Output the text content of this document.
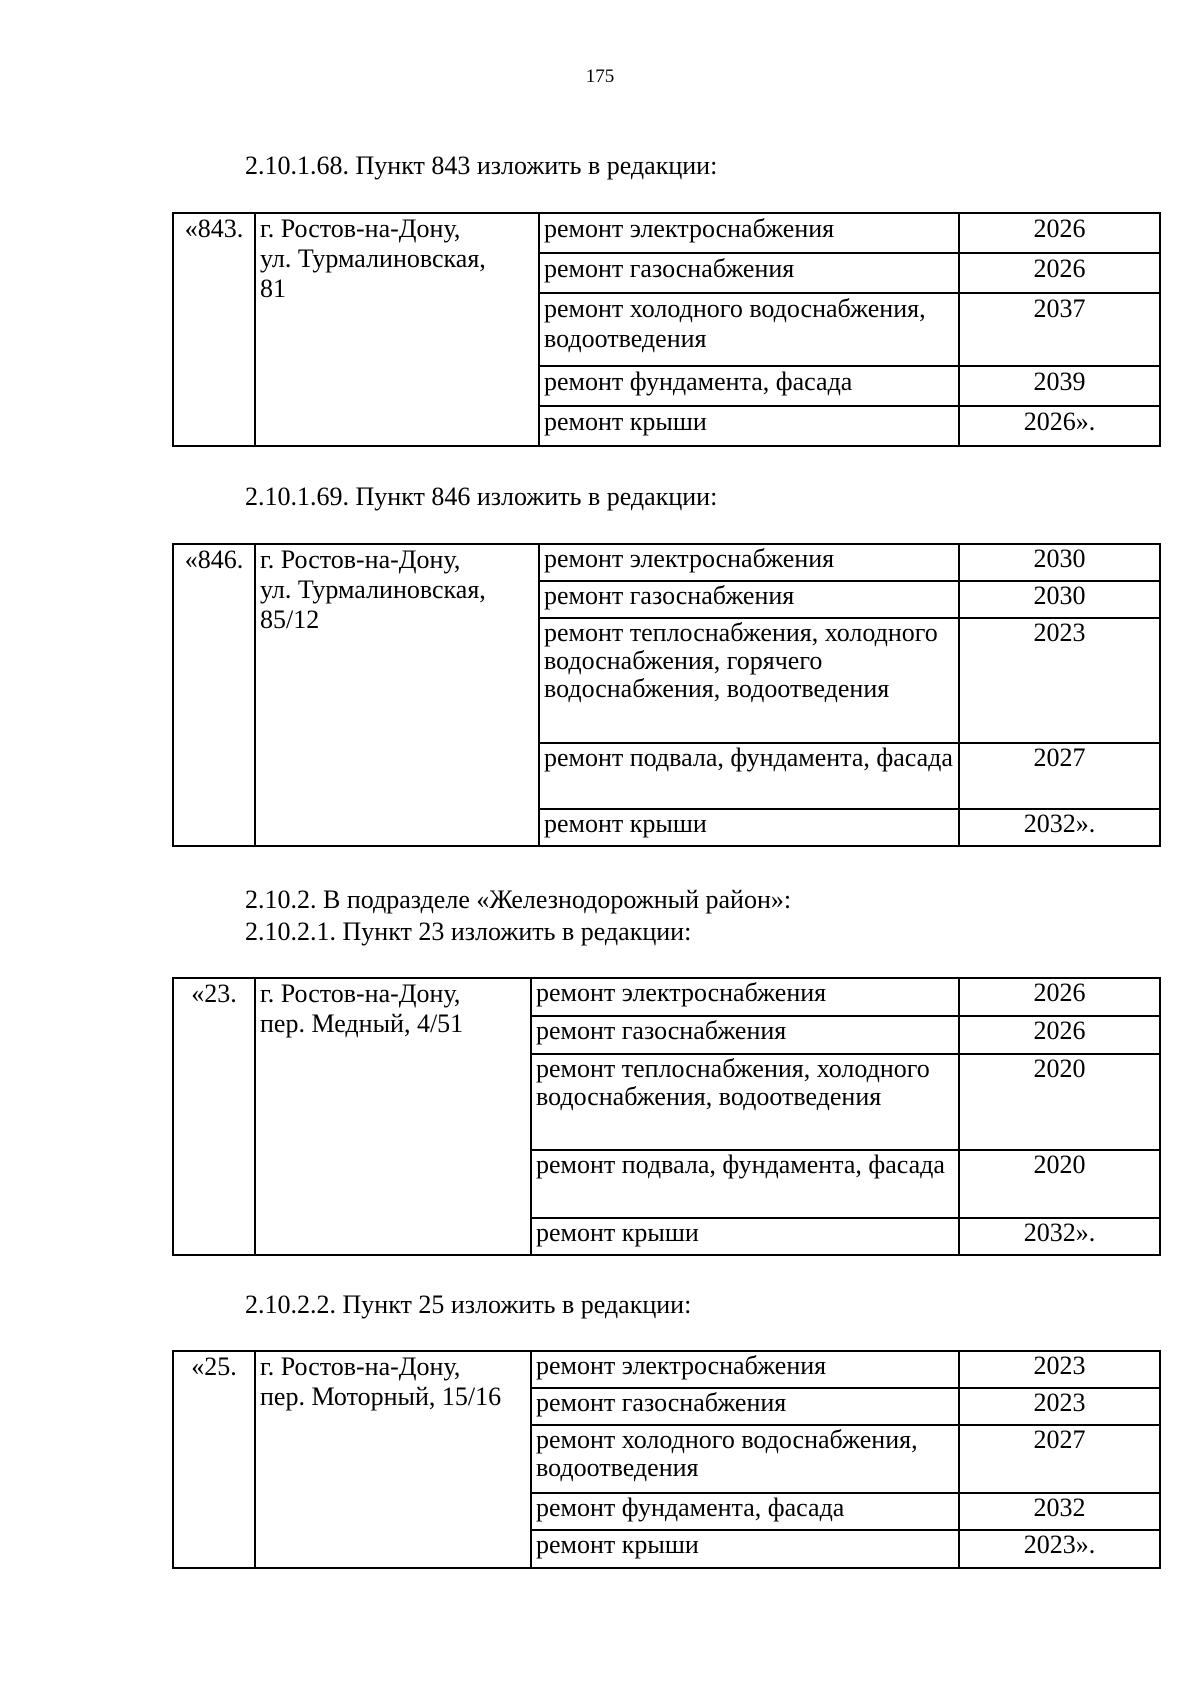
175
2.10.1.68. Пункт 843 изложить в редакции:
«843.	г. Ростов-на-Дону,
ул. Турмалиновская,
81	ремонт электроснабжения	2026
		ремонт газоснабжения	2026
		ремонт холодного водоснабжения, водоотведения	2037
		ремонт фундамента, фасада	2039
		ремонт крыши	2026».
2.10.1.69. Пункт 846 изложить в редакции:
«846.	г. Ростов-на-Дону,
ул. Турмалиновская,
85/12	ремонт электроснабжения	2030
		ремонт газоснабжения	2030
		ремонт теплоснабжения, холодного водоснабжения, горячего водоснабжения, водоотведения	2023
		ремонт подвала, фундамента, фасада	2027
		ремонт крыши	2032».
2.10.2. В подразделе «Железнодорожный район»:
2.10.2.1. Пункт 23 изложить в редакции:
«23.	г. Ростов-на-Дону,
пер. Медный, 4/51	ремонт электроснабжения	2026
		ремонт газоснабжения	2026
		ремонт теплоснабжения, холодного водоснабжения, водоотведения	2020
		ремонт подвала, фундамента, фасада	2020
		ремонт крыши	2032».
2.10.2.2. Пункт 25 изложить в редакции:
«25.	г. Ростов-на-Дону,
пер. Моторный, 15/16	ремонт электроснабжения	2023
		ремонт газоснабжения	2023
		ремонт холодного водоснабжения, водоотведения	2027
		ремонт фундамента, фасада	2032
		ремонт крыши	2023».
